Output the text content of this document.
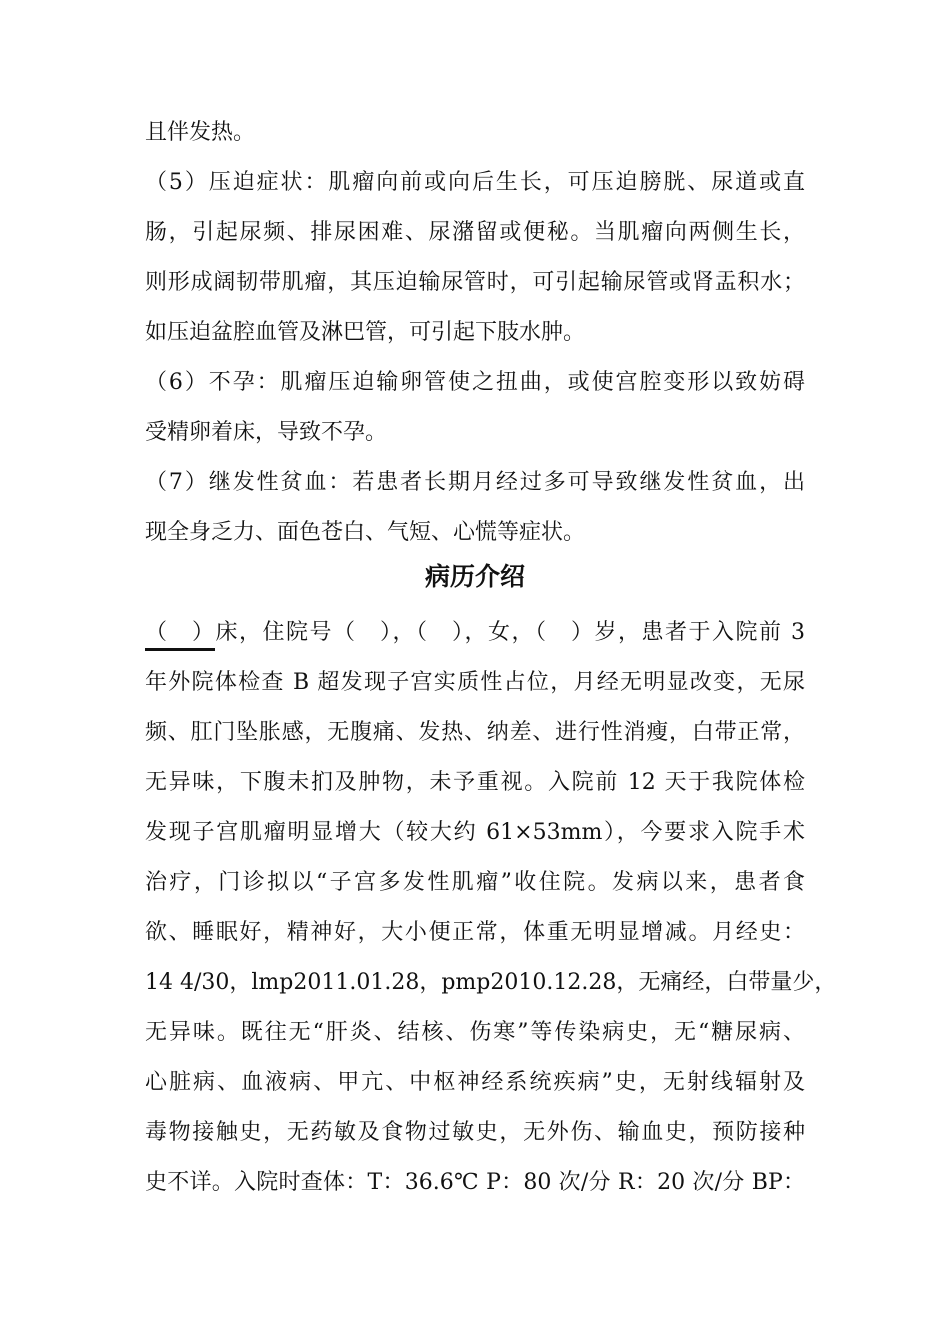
且伴发热。

（5）压迫症状：肌瘤向前或向后生长，可压迫膀胱、尿道或直

肠，引起尿频、排尿困难、尿潴留或便秘。当肌瘤向两侧生长，

则形成阔韧带肌瘤，其压迫输尿管时，可引起输尿管或肾盂积水；

如压迫盆腔血管及淋巴管，可引起下肢水肿。

（6）不孕：肌瘤压迫输卵管使之扭曲，或使宫腔变形以致妨碍

受精卵着床，导致不孕。

（7）继发性贫血：若患者长期月经过多可导致继发性贫血，出

现全身乏力、面色苍白、气短、心慌等症状。

病历介绍

（　）床，住院号（　），（　），女，（　）岁，患者于入院前 3

年外院体检查 B 超发现子宫实质性占位，月经无明显改变，无尿

频、肛门坠胀感，无腹痛、发热、纳差、进行性消瘦，白带正常，

无异味，下腹未扪及肿物，未予重视。入院前 12 天于我院体检

发现子宫肌瘤明显增大（较大约 61×53mm），今要求入院手术

治疗，门诊拟以“子宫多发性肌瘤”收住院。发病以来，患者食

欲、睡眠好，精神好，大小便正常，体重无明显增减。月经史：

14 4/30，lmp2011.01.28，pmp2010.12.28，无痛经，白带量少，

无异味。既往无“肝炎、结核、伤寒”等传染病史，无“糖尿病、

心脏病、血液病、甲亢、中枢神经系统疾病”史，无射线辐射及

毒物接触史，无药敏及食物过敏史，无外伤、输血史，预防接种

史不详。入院时查体：T：36.6℃ P：80 次/分 R：20 次/分 BP：
